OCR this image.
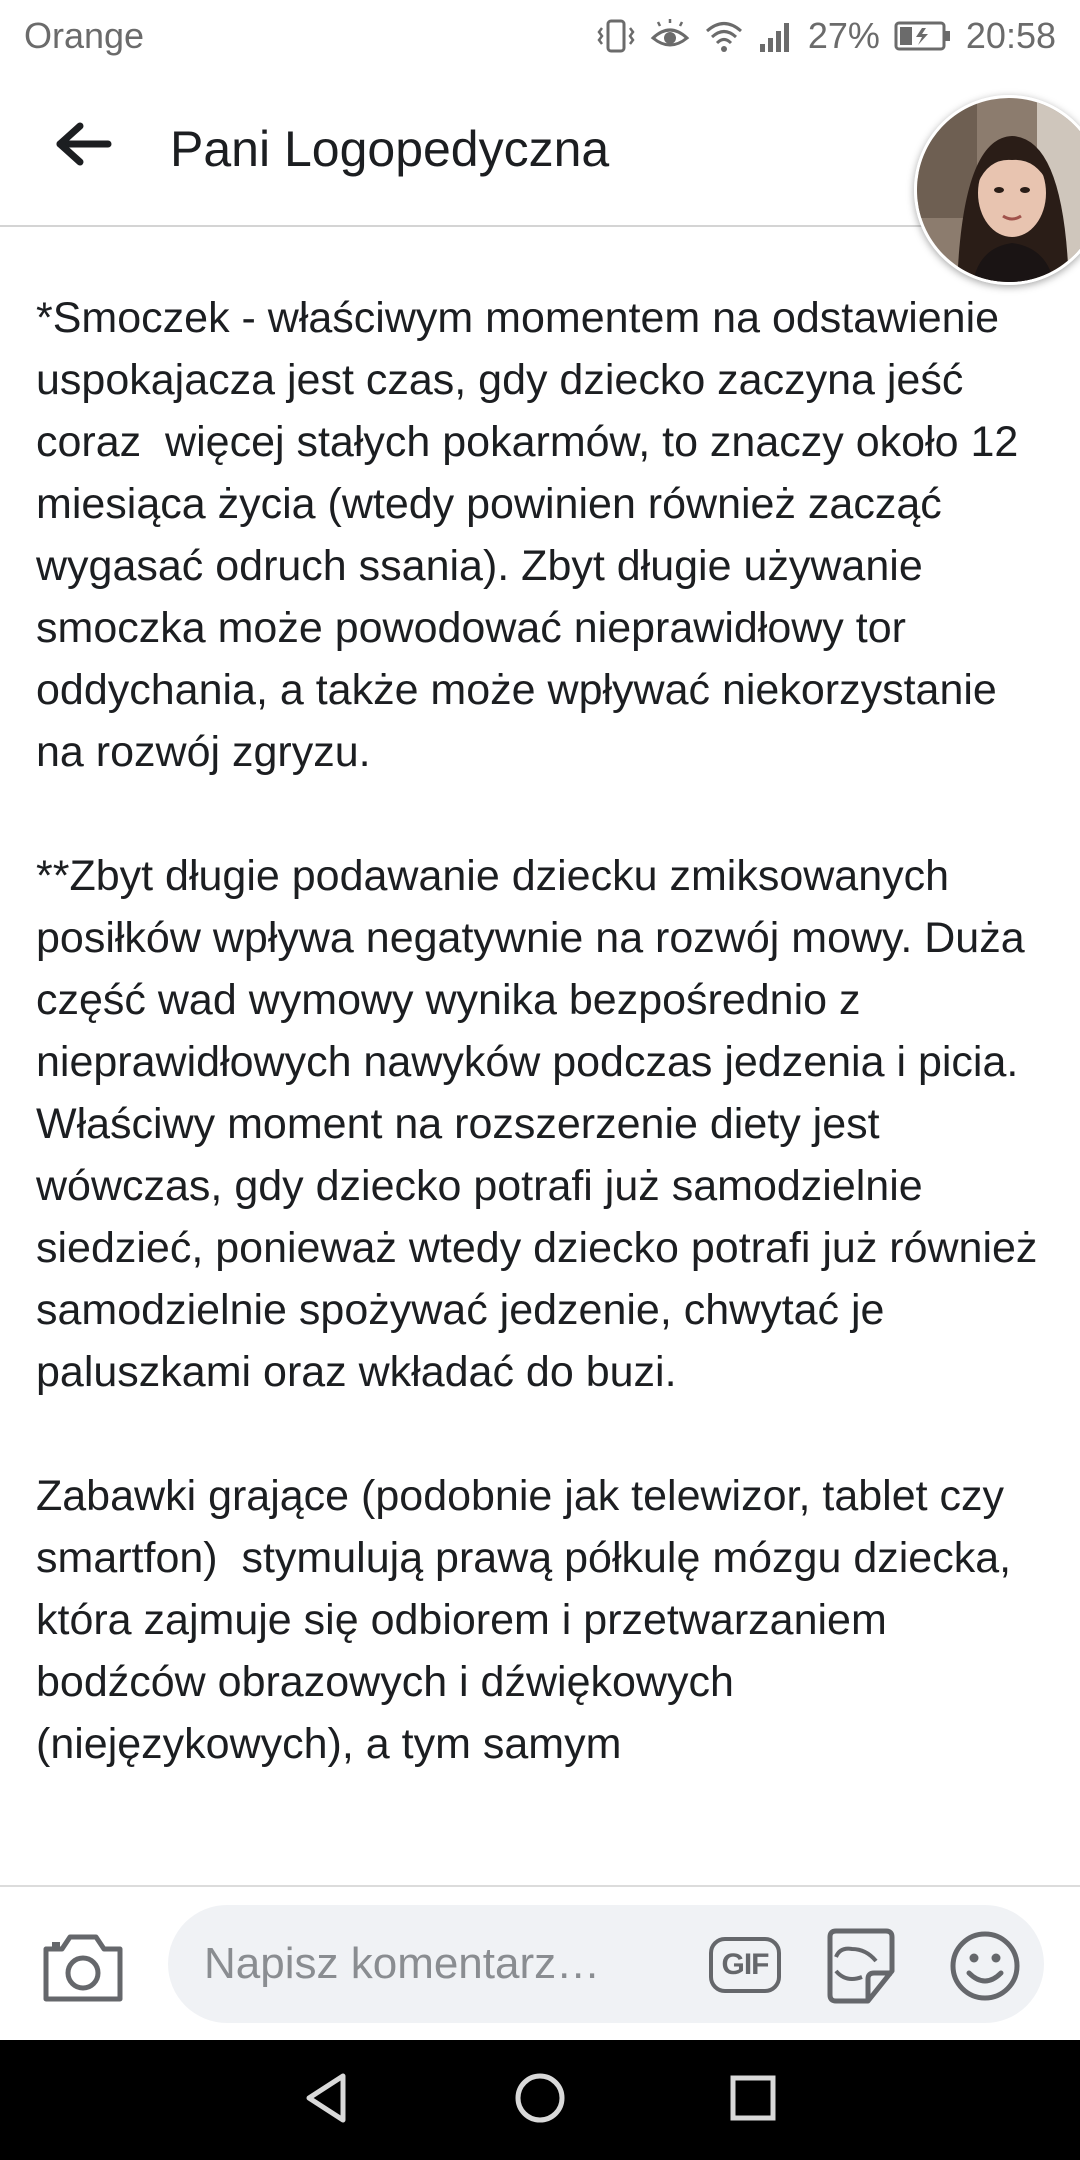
Orange	27% 20:58
Pani Logopedyczna

*Smoczek - właściwym momentem na odstawienie uspokajacza jest czas, gdy dziecko zaczyna jeść coraz  więcej stałych pokarmów, to znaczy około 12 miesiąca życia (wtedy powinien również zacząć wygasać odruch ssania). Zbyt długie używanie smoczka może powodować nieprawidłowy tor oddychania, a także może wpływać niekorzystanie na rozwój zgryzu.

**Zbyt długie podawanie dziecku zmiksowanych posiłków wpływa negatywnie na rozwój mowy. Duża część wad wymowy wynika bezpośrednio z nieprawidłowych nawyków podczas jedzenia i picia. Właściwy moment na rozszerzenie diety jest wówczas, gdy dziecko potrafi już samodzielnie siedzieć, ponieważ wtedy dziecko potrafi już również samodzielnie spożywać jedzenie, chwytać je paluszkami oraz wkładać do buzi.

Zabawki grające (podobnie jak telewizor, tablet czy smartfon)  stymulują prawą półkulę mózgu dziecka, która zajmuje się odbiorem i przetwarzaniem bodźców obrazowych i dźwiękowych (niejęzykowych), a tym samym

Napisz komentarz…
GIF
